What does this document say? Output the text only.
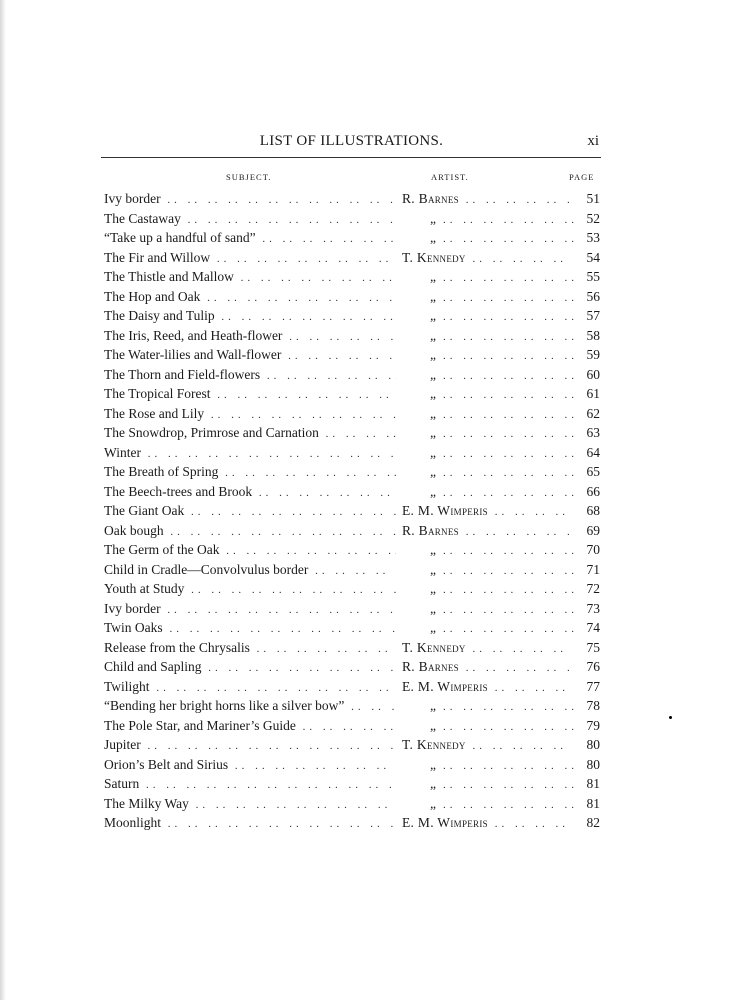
LIST OF ILLUSTRATIONS.	xi
SUBJECT.	ARTIST.	PAGE
Ivy border .. ..	R. Barnes .. ..	51
The Castaway .. ..	„ .. ..	52
“Take up a handful of sand” .. ..	„ .. ..	53
The Fir and Willow .. ..	T. Kennedy .. ..	54
The Thistle and Mallow .. ..	„ .. ..	55
The Hop and Oak .. ..	„ .. ..	56
The Daisy and Tulip .. ..	„ .. ..	57
The Iris, Reed, and Heath-flower .. ..	„ .. ..	58
The Water-lilies and Wall-flower .. ..	„ .. ..	59
The Thorn and Field-flowers .. ..	„ .. ..	60
The Tropical Forest .. ..	„ .. ..	61
The Rose and Lily .. ..	„ .. ..	62
The Snowdrop, Primrose and Carnation .. ..	„ .. ..	63
Winter .. ..	„ .. ..	64
The Breath of Spring .. ..	„ .. ..	65
The Beech-trees and Brook .. ..	„ .. ..	66
The Giant Oak .. ..	E. M. Wimperis .. ..	68
Oak bough .. ..	R. Barnes .. ..	69
The Germ of the Oak .. ..	„ .. ..	70
Child in Cradle—Convolvulus border .. ..	„ .. ..	71
Youth at Study .. ..	„ .. ..	72
Ivy border .. ..	„ .. ..	73
Twin Oaks .. ..	„ .. ..	74
Release from the Chrysalis .. ..	T. Kennedy .. ..	75
Child and Sapling .. ..	R. Barnes .. ..	76
Twilight .. ..	E. M. Wimperis .. ..	77
“Bending her bright horns like a silver bow” .. ..	„ .. ..	78
The Pole Star, and Mariner’s Guide .. ..	„ .. ..	79
Jupiter .. ..	T. Kennedy .. ..	80
Orion’s Belt and Sirius .. ..	„ .. ..	80
Saturn .. ..	„ .. ..	81
The Milky Way .. ..	„ .. ..	81
Moonlight .. ..	E. M. Wimperis .. ..	82
